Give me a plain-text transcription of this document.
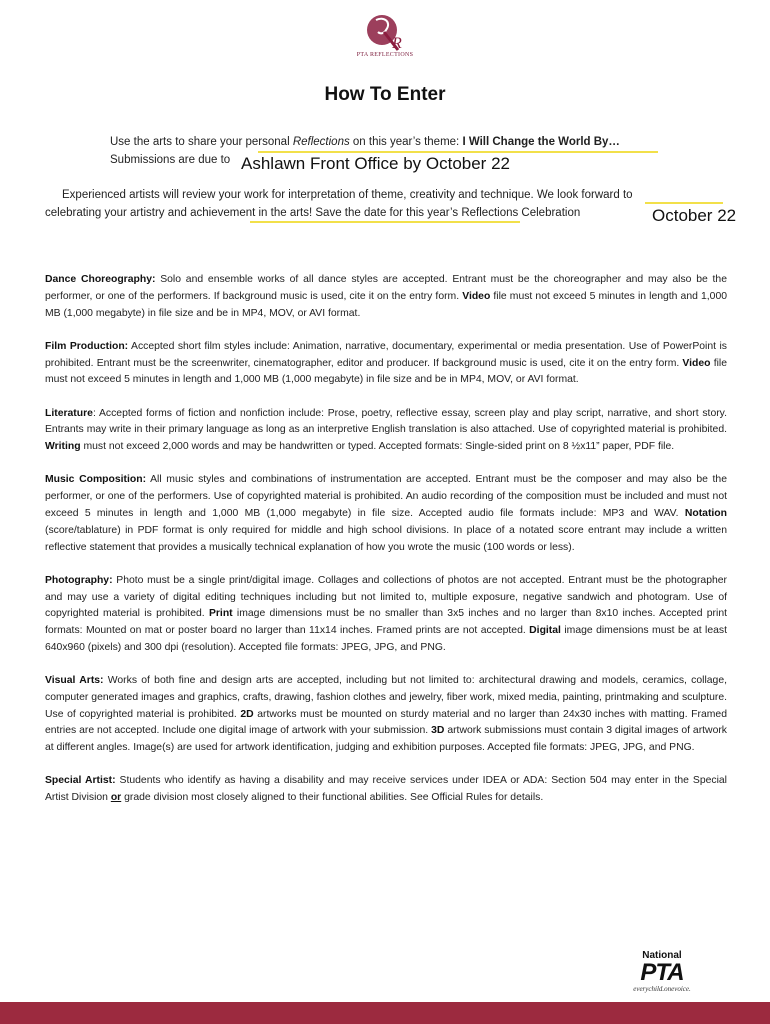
R
PTA REFLECTIONS
How To Enter
Use the arts to share your personal Reflections on this year’s theme: I Will Change the World By…
Submissions are due to Ashlawn Front Office by October 22
Experienced artists will review your work for interpretation of theme, creativity and technique. We look forward to
celebrating your artistry and achievement in the arts! Save the date for this year’s Reflections Celebration	October 22

Dance Choreography: Solo and ensemble works of all dance styles are accepted. Entrant must be the choreographer and may also be the performer, or one of the performers. If background music is used, cite it on the entry form. Video file must not exceed 5 minutes in length and 1,000 MB (1,000 megabyte) in file size and be in MP4, MOV, or AVI format.

Film Production: Accepted short film styles include: Animation, narrative, documentary, experimental or media presentation. Use of PowerPoint is prohibited. Entrant must be the screenwriter, cinematographer, editor and producer. If background music is used, cite it on the entry form. Video file must not exceed 5 minutes in length and 1,000 MB (1,000 megabyte) in file size and be in MP4, MOV, or AVI format.

Literature: Accepted forms of fiction and nonfiction include: Prose, poetry, reflective essay, screen play and play script, narrative, and short story. Entrants may write in their primary language as long as an interpretive English translation is also attached. Use of copyrighted material is prohibited. Writing must not exceed 2,000 words and may be handwritten or typed. Accepted formats: Single-sided print on 8 ½x11” paper, PDF file.

Music Composition: All music styles and combinations of instrumentation are accepted. Entrant must be the composer and may also be the performer, or one of the performers. Use of copyrighted material is prohibited. An audio recording of the composition must be included and must not exceed 5 minutes in length and 1,000 MB (1,000 megabyte) in file size. Accepted audio file formats include: MP3 and WAV. Notation (score/tablature) in PDF format is only required for middle and high school divisions. In place of a notated score entrant may include a written reflective statement that provides a musically technical explanation of how you wrote the music (100 words or less).

Photography: Photo must be a single print/digital image. Collages and collections of photos are not accepted. Entrant must be the photographer and may use a variety of digital editing techniques including but not limited to, multiple exposure, negative sandwich and photogram. Use of copyrighted material is prohibited. Print image dimensions must be no smaller than 3x5 inches and no larger than 8x10 inches. Accepted print formats: Mounted on mat or poster board no larger than 11x14 inches. Framed prints are not accepted. Digital image dimensions must be at least 640x960 (pixels) and 300 dpi (resolution). Accepted file formats: JPEG, JPG, and PNG.

Visual Arts: Works of both fine and design arts are accepted, including but not limited to: architectural drawing and models, ceramics, collage, computer generated images and graphics, crafts, drawing, fashion clothes and jewelry, fiber work, mixed media, painting, printmaking and sculpture. Use of copyrighted material is prohibited. 2D artworks must be mounted on sturdy material and no larger than 24x30 inches with matting. Framed entries are not accepted. Include one digital image of artwork with your submission. 3D artwork submissions must contain 3 digital images of artwork at different angles. Image(s) are used for artwork identification, judging and exhibition purposes. Accepted file formats: JPEG, JPG, and PNG.

Special Artist: Students who identify as having a disability and may receive services under IDEA or ADA: Section 504 may enter in the Special Artist Division or grade division most closely aligned to their functional abilities. See Official Rules for details.

National
PTA
everychild.onevoice.
